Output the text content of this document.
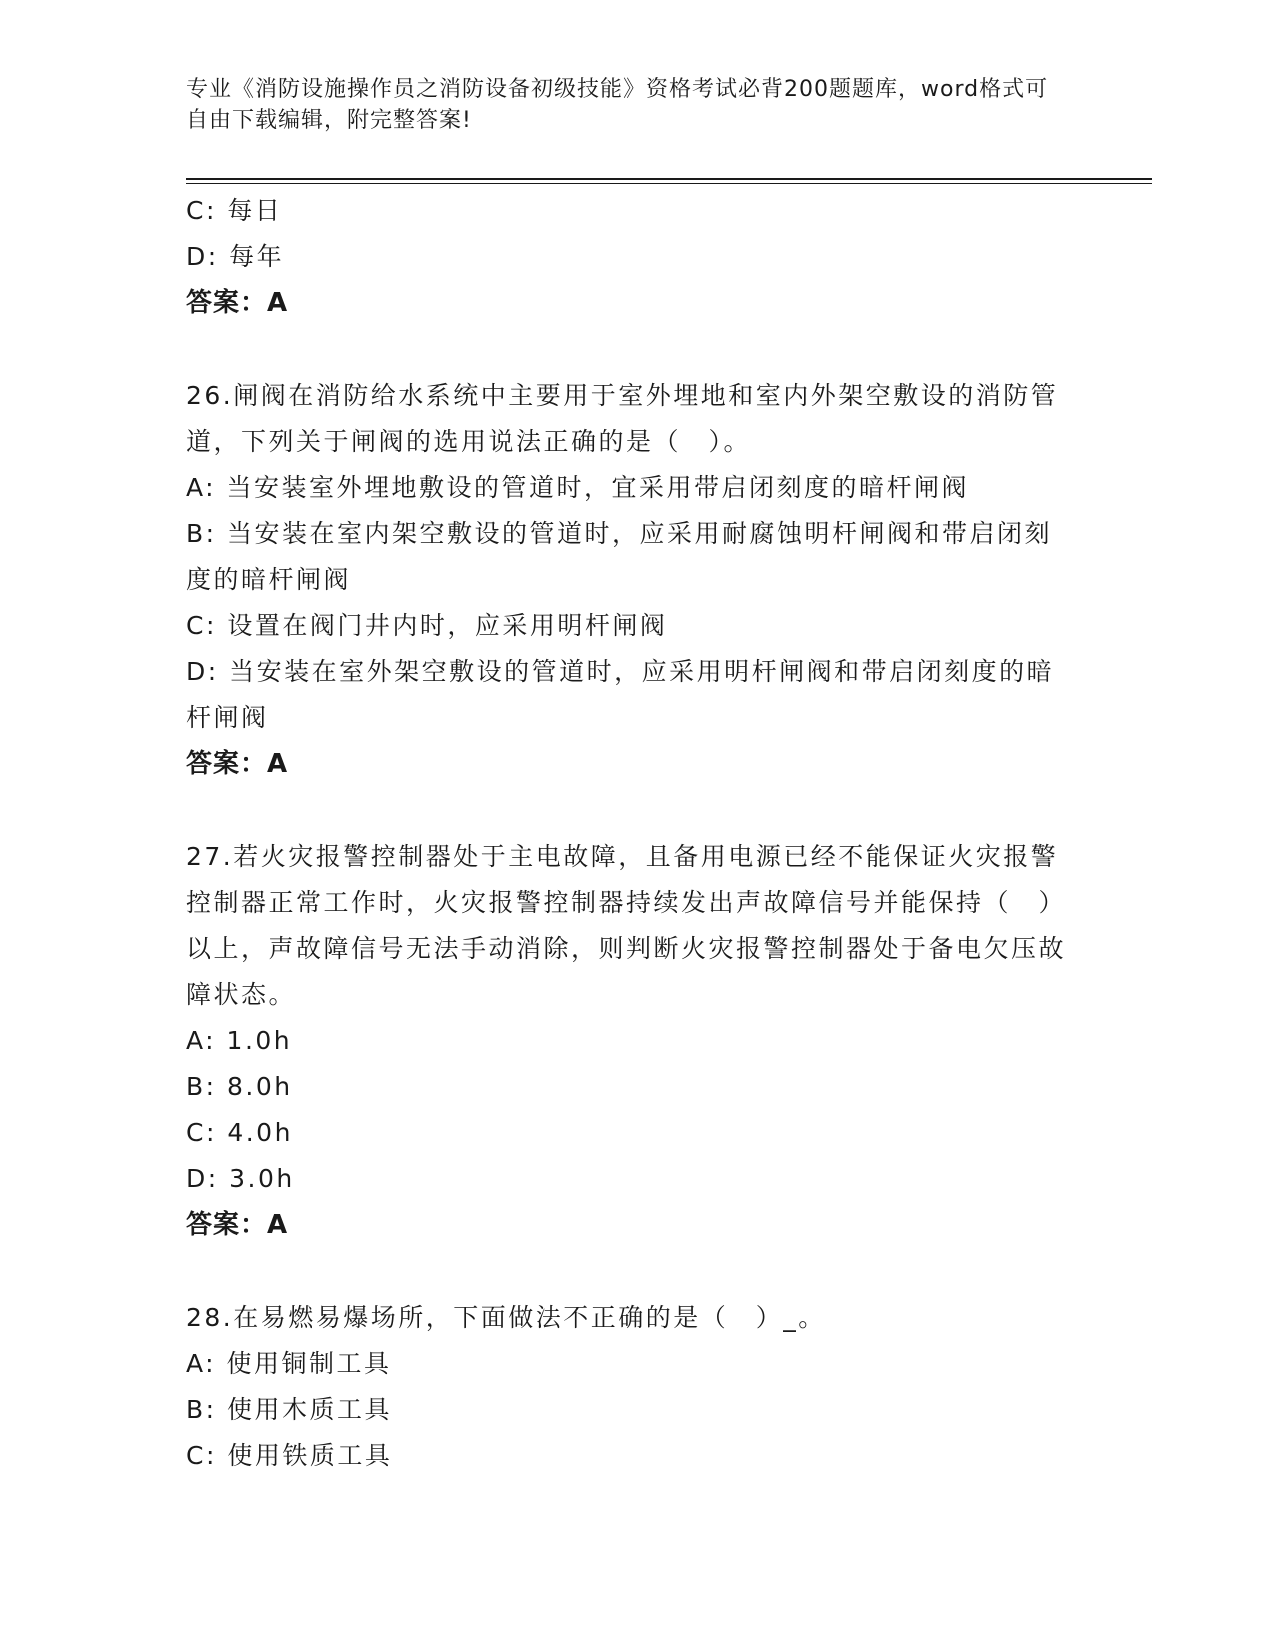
专业《消防设施操作员之消防设备初级技能》资格考试必背200题题库，word格式可自由下载编辑，附完整答案!
C: 每日
D: 每年
答案：A
26.闸阀在消防给水系统中主要用于室外埋地和室内外架空敷设的消防管道，下列关于闸阀的选用说法正确的是（　）。
A: 当安装室外埋地敷设的管道时，宜采用带启闭刻度的暗杆闸阀
B: 当安装在室内架空敷设的管道时，应采用耐腐蚀明杆闸阀和带启闭刻度的暗杆闸阀
C: 设置在阀门井内时，应采用明杆闸阀
D: 当安装在室外架空敷设的管道时，应采用明杆闸阀和带启闭刻度的暗杆闸阀
答案：A
27.若火灾报警控制器处于主电故障，且备用电源已经不能保证火灾报警控制器正常工作时，火灾报警控制器持续发出声故障信号并能保持（　）以上，声故障信号无法手动消除，则判断火灾报警控制器处于备电欠压故障状态。
A: 1.0h
B: 8.0h
C: 4.0h
D: 3.0h
答案：A
28.在易燃易爆场所，下面做法不正确的是（　）_。
A: 使用铜制工具
B: 使用木质工具
C: 使用铁质工具
